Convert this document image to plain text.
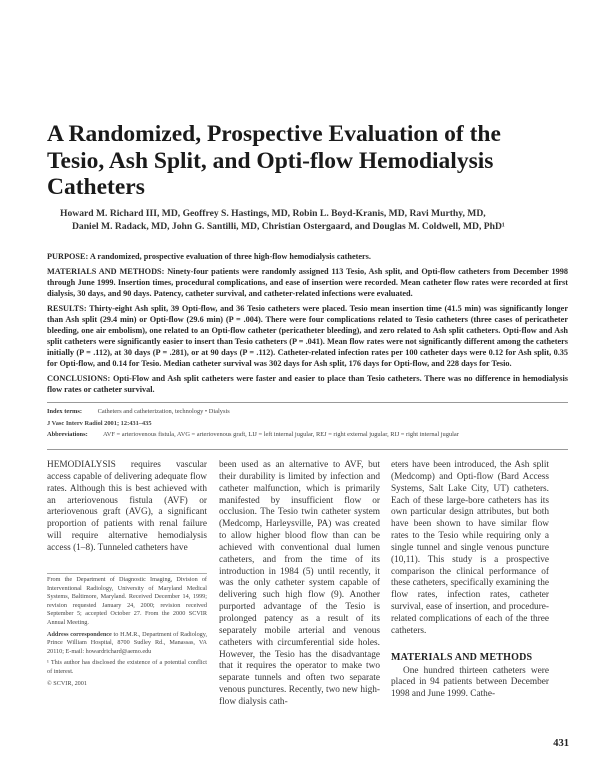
A Randomized, Prospective Evaluation of the
Tesio, Ash Split, and Opti-flow Hemodialysis
Catheters
Howard M. Richard III, MD, Geoffrey S. Hastings, MD, Robin L. Boyd-Kranis, MD, Ravi Murthy, MD,
Daniel M. Radack, MD, John G. Santilli, MD, Christian Ostergaard, and Douglas M. Coldwell, MD, PhD¹

PURPOSE: A randomized, prospective evaluation of three high-flow hemodialysis catheters.

MATERIALS AND METHODS: Ninety-four patients were randomly assigned 113 Tesio, Ash split, and Opti-flow catheters from December 1998 through June 1999. Insertion times, procedural complications, and ease of insertion were recorded. Mean catheter flow rates were recorded at first dialysis, 30 days, and 90 days. Patency, catheter survival, and catheter-related infections were evaluated.

RESULTS: Thirty-eight Ash split, 39 Opti-flow, and 36 Tesio catheters were placed. Tesio mean insertion time (41.5 min) was significantly longer than Ash split (29.4 min) or Opti-flow (29.6 min) (P = .004). There were four complications related to Tesio catheters (three cases of pericatheter bleeding, one air embolism), one related to an Opti-flow catheter (pericatheter bleeding), and zero related to Ash split catheters. Opti-flow and Ash split catheters were significantly easier to insert than Tesio catheters (P = .041). Mean flow rates were not significantly different among the catheters initially (P = .112), at 30 days (P = .281), or at 90 days (P = .112). Catheter-related infection rates per 100 catheter days were 0.12 for Ash split, 0.35 for Opti-flow, and 0.14 for Tesio. Median catheter survival was 302 days for Ash split, 176 days for Opti-flow, and 228 days for Tesio.

CONCLUSIONS: Opti-Flow and Ash split catheters were faster and easier to place than Tesio catheters. There was no difference in hemodialysis flow rates or catheter survival.

Index terms: Catheters and catheterization, technology • Dialysis
J Vasc Interv Radiol 2001; 12:431–435
Abbreviations: AVF = arteriovenous fistula, AVG = arteriovenous graft, LIJ = left internal jugular, REJ = right external jugular, RIJ = right internal jugular

HEMODIALYSIS requires vascular access capable of delivering adequate flow rates. Although this is best achieved with an arteriovenous fistula (AVF) or arteriovenous graft (AVG), a significant proportion of patients with renal failure will require alternative hemodialysis access (1–8). Tunneled catheters have

From the Department of Diagnostic Imaging, Division of Interventional Radiology, University of Maryland Medical Systems, Baltimore, Maryland. Received December 14, 1999; revision requested January 24, 2000; revision received September 5; accepted October 27. From the 2000 SCVIR Annual Meeting.

Address correspondence to H.M.R., Department of Radiology, Prince William Hospital, 8700 Sudley Rd., Manassas, VA 20110; E-mail: howardrichard@aemo.edu

¹ This author has disclosed the existence of a potential conflict of interest.

© SCVIR, 2001

been used as an alternative to AVF, but their durability is limited by infection and catheter malfunction, which is primarily manifested by insufficient flow or occlusion. The Tesio twin catheter system (Medcomp, Harleysville, PA) was created to allow higher blood flow than can be achieved with conventional dual lumen catheters, and from the time of its introduction in 1984 (5) until recently, it was the only catheter system capable of delivering such high flow (9). Another purported advantage of the Tesio is prolonged patency as a result of its separately mobile arterial and venous catheters with circumferential side holes. However, the Tesio has the disadvantage that it requires the operator to make two separate tunnels and often two separate venous punctures. Recently, two new high-flow dialysis cath-

eters have been introduced, the Ash split (Medcomp) and Opti-flow (Bard Access Systems, Salt Lake City, UT) catheters. Each of these large-bore catheters has its own particular design attributes, but both have been shown to have similar flow rates to the Tesio while requiring only a single tunnel and single venous puncture (10,11). This study is a prospective comparison the clinical performance of these catheters, specifically examining the flow rates, infection rates, catheter survival, ease of insertion, and procedure-related complications of each of the three catheters.

MATERIALS AND METHODS

One hundred thirteen catheters were placed in 94 patients between December 1998 and June 1999. Cathe-

431
